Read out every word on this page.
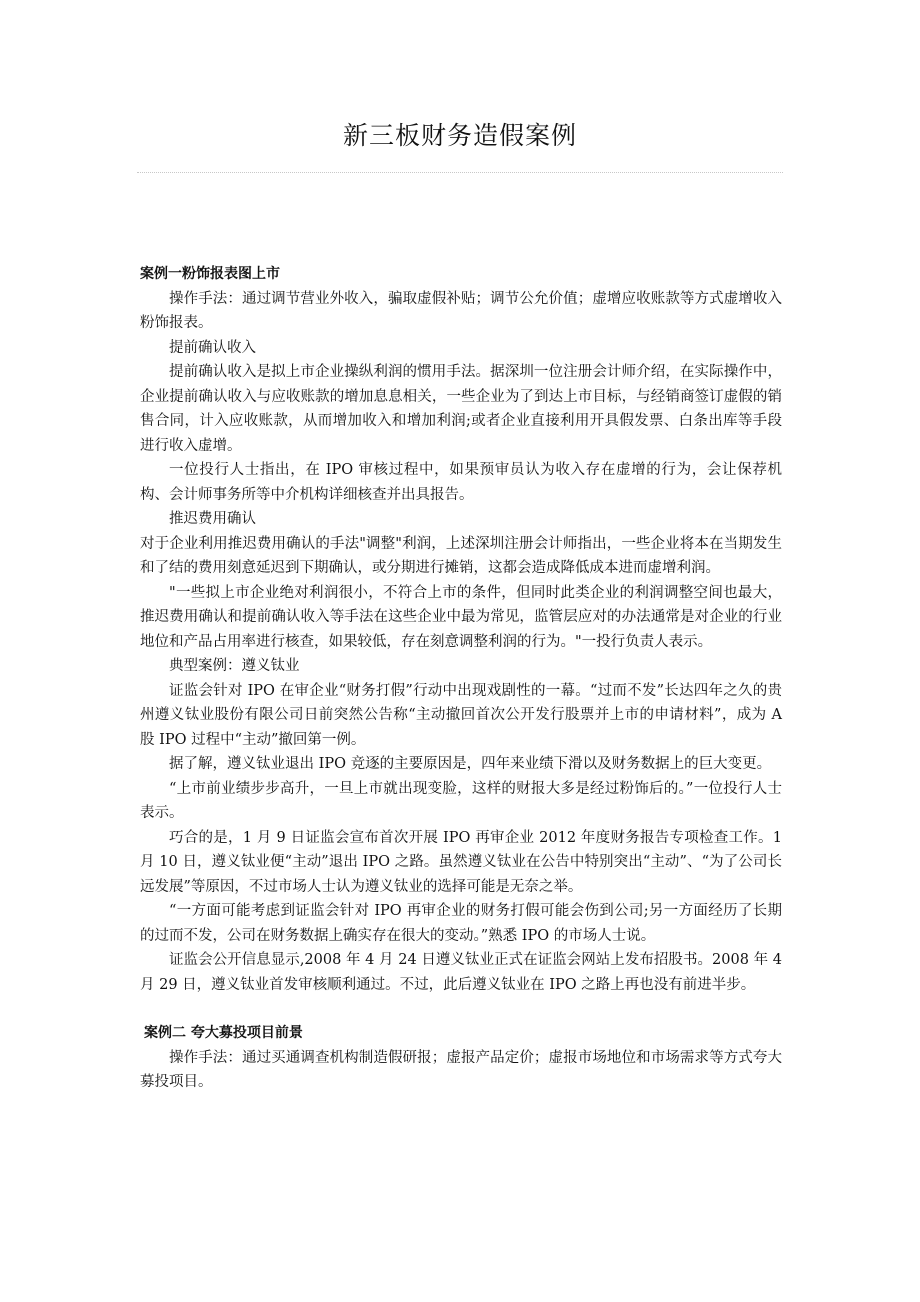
新三板财务造假案例

案例一粉饰报表图上市

操作手法：通过调节营业外收入，骗取虚假补贴；调节公允价值；虚增应收账款等方式虚增收入粉饰报表。

提前确认收入

提前确认收入是拟上市企业操纵利润的惯用手法。据深圳一位注册会计师介绍，在实际操作中，企业提前确认收入与应收账款的增加息息相关，一些企业为了到达上市目标，与经销商签订虚假的销售合同，计入应收账款，从而增加收入和增加利润;或者企业直接利用开具假发票、白条出库等手段进行收入虚增。

一位投行人士指出，在 IPO 审核过程中，如果预审员认为收入存在虚增的行为，会让保荐机构、会计师事务所等中介机构详细核查并出具报告。

推迟费用确认

对于企业利用推迟费用确认的手法"调整"利润，上述深圳注册会计师指出，一些企业将本在当期发生和了结的费用刻意延迟到下期确认，或分期进行摊销，这都会造成降低成本进而虚增利润。

"一些拟上市企业绝对利润很小，不符合上市的条件，但同时此类企业的利润调整空间也最大，推迟费用确认和提前确认收入等手法在这些企业中最为常见，监管层应对的办法通常是对企业的行业地位和产品占用率进行核查，如果较低，存在刻意调整利润的行为。"一投行负责人表示。

典型案例：遵义钛业

证监会针对 IPO 在审企业“财务打假”行动中出现戏剧性的一幕。“过而不发”长达四年之久的贵州遵义钛业股份有限公司日前突然公告称“主动撤回首次公开发行股票并上市的申请材料”，成为 A 股 IPO 过程中“主动”撤回第一例。

据了解，遵义钛业退出 IPO 竞逐的主要原因是，四年来业绩下滑以及财务数据上的巨大变更。

“上市前业绩步步高升，一旦上市就出现变脸，这样的财报大多是经过粉饰后的。”一位投行人士表示。

巧合的是，1 月 9 日证监会宣布首次开展 IPO 再审企业 2012 年度财务报告专项检查工作。1 月 10 日，遵义钛业便“主动”退出 IPO 之路。虽然遵义钛业在公告中特别突出“主动”、“为了公司长远发展”等原因，不过市场人士认为遵义钛业的选择可能是无奈之举。

“一方面可能考虑到证监会针对 IPO 再审企业的财务打假可能会伤到公司;另一方面经历了长期的过而不发，公司在财务数据上确实存在很大的变动。”熟悉 IPO 的市场人士说。

证监会公开信息显示,2008 年 4 月 24 日遵义钛业正式在证监会网站上发布招股书。2008 年 4 月 29 日，遵义钛业首发审核顺利通过。不过，此后遵义钛业在 IPO 之路上再也没有前进半步。

案例二 夸大募投项目前景

操作手法：通过买通调查机构制造假研报；虚报产品定价；虚报市场地位和市场需求等方式夸大募投项目。
